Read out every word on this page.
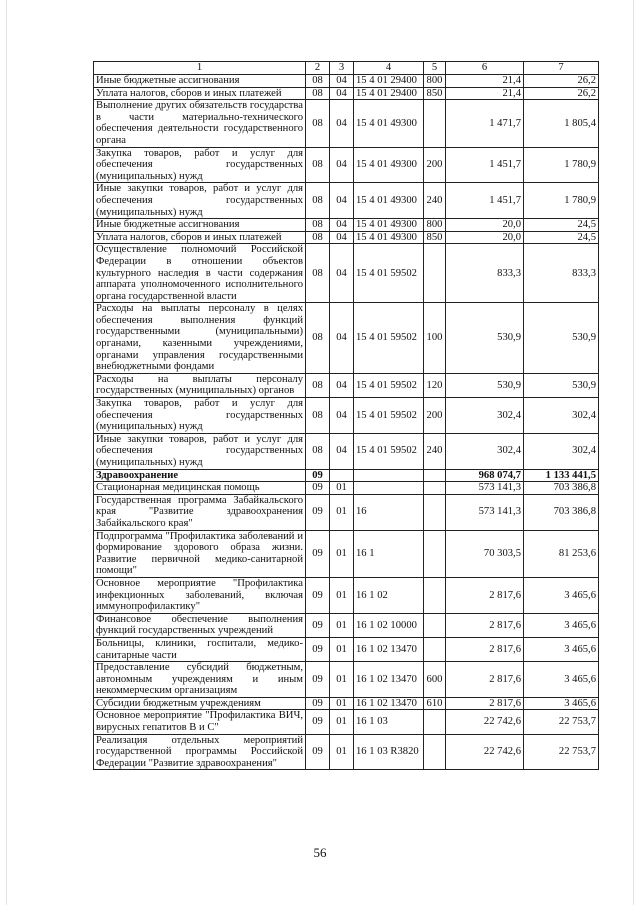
1	2	3	4	5	6	7
Иные бюджетные ассигнования	08	04	15 4 01 29400	800	21,4	26,2
Уплата налогов, сборов и иных платежей	08	04	15 4 01 29400	850	21,4	26,2
Выполнение других обязательств государства в части материально-технического обеспечения деятельности государственного органа	08	04	15 4 01 49300		1 471,7	1 805,4
Закупка товаров, работ и услуг для обеспечения государственных (муниципальных) нужд	08	04	15 4 01 49300	200	1 451,7	1 780,9
Иные закупки товаров, работ и услуг для обеспечения государственных (муниципальных) нужд	08	04	15 4 01 49300	240	1 451,7	1 780,9
Иные бюджетные ассигнования	08	04	15 4 01 49300	800	20,0	24,5
Уплата налогов, сборов и иных платежей	08	04	15 4 01 49300	850	20,0	24,5
Осуществление полномочий Российской Федерации в отношении объектов культурного наследия в части содержания аппарата уполномоченного исполнительного органа государственной власти	08	04	15 4 01 59502		833,3	833,3
Расходы на выплаты персоналу в целях обеспечения выполнения функций государственными (муниципальными) органами, казенными учреждениями, органами управления государственными внебюджетными фондами	08	04	15 4 01 59502	100	530,9	530,9
Расходы на выплаты персоналу государственных (муниципальных) органов	08	04	15 4 01 59502	120	530,9	530,9
Закупка товаров, работ и услуг для обеспечения государственных (муниципальных) нужд	08	04	15 4 01 59502	200	302,4	302,4
Иные закупки товаров, работ и услуг для обеспечения государственных (муниципальных) нужд	08	04	15 4 01 59502	240	302,4	302,4
Здравоохранение	09				968 074,7	1 133 441,5
Стационарная медицинская помощь	09	01			573 141,3	703 386,8
Государственная программа Забайкальского края "Развитие здравоохранения Забайкальского края"	09	01	16		573 141,3	703 386,8
Подпрограмма "Профилактика заболеваний и формирование здорового образа жизни. Развитие первичной медико-санитарной помощи"	09	01	16 1		70 303,5	81 253,6
Основное мероприятие "Профилактика инфекционных заболеваний, включая иммунопрофилактику"	09	01	16 1 02		2 817,6	3 465,6
Финансовое обеспечение выполнения функций государственных учреждений	09	01	16 1 02 10000		2 817,6	3 465,6
Больницы, клиники, госпитали, медико-санитарные части	09	01	16 1 02 13470		2 817,6	3 465,6
Предоставление субсидий бюджетным, автономным учреждениям и иным некоммерческим организациям	09	01	16 1 02 13470	600	2 817,6	3 465,6
Субсидии бюджетным учреждениям	09	01	16 1 02 13470	610	2 817,6	3 465,6
Основное мероприятие "Профилактика ВИЧ, вирусных гепатитов В и С"	09	01	16 1 03		22 742,6	22 753,7
Реализация отдельных мероприятий государственной программы Российской Федерации "Развитие здравоохранения"	09	01	16 1 03 R3820		22 742,6	22 753,7
56
